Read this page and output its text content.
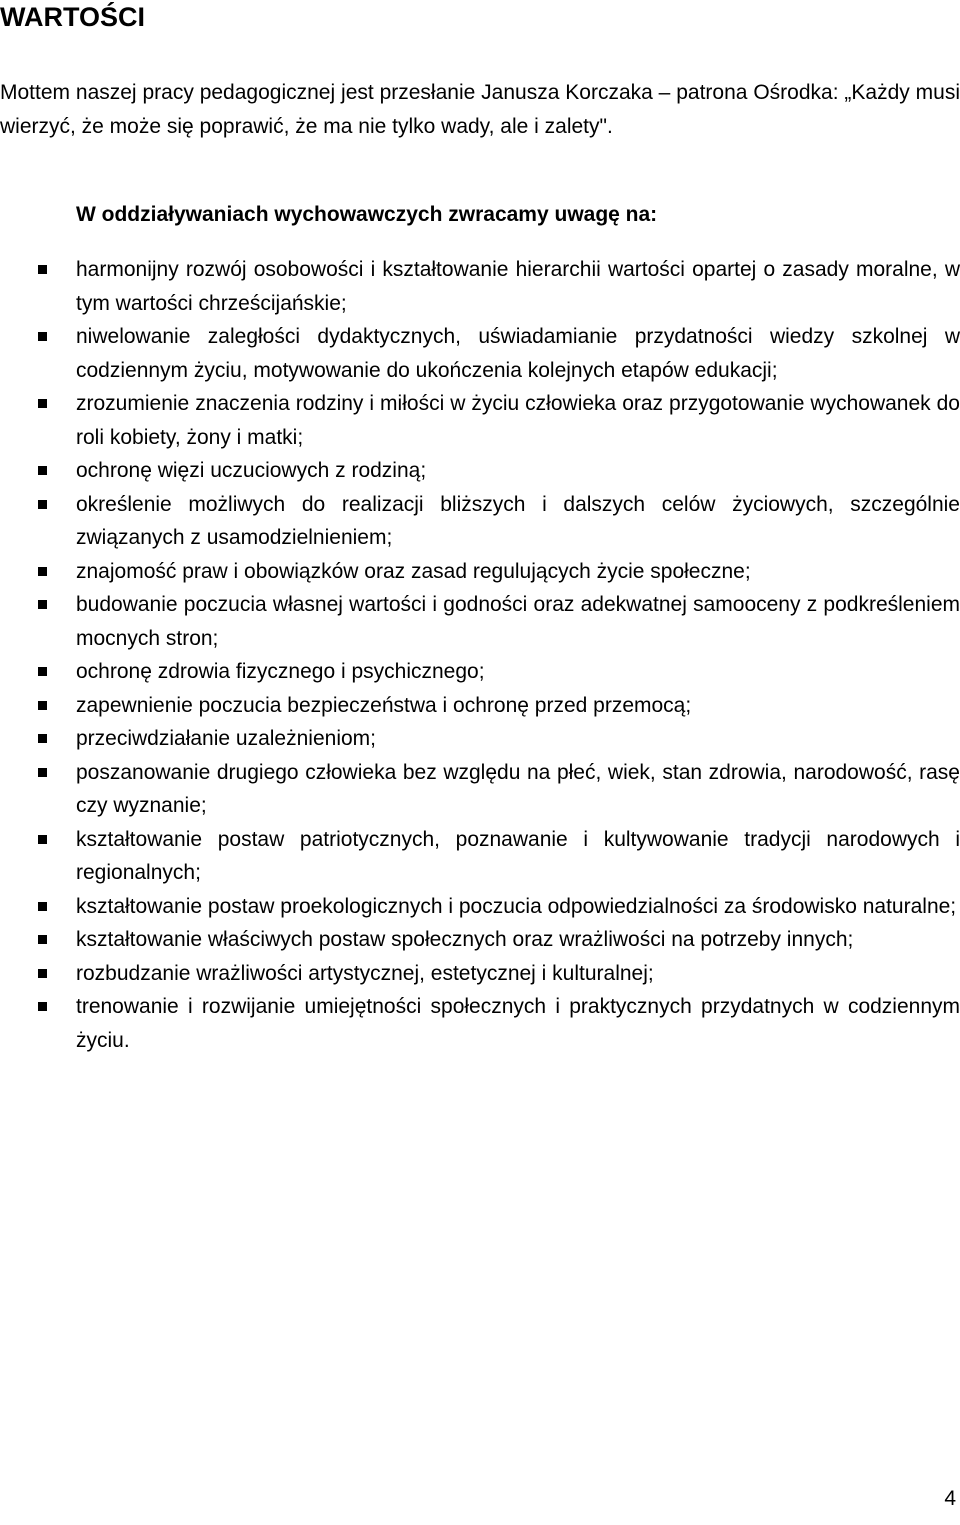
WARTOŚCI

Mottem naszej pracy pedagogicznej jest przesłanie Janusza Korczaka – patrona Ośrodka: „Każdy musi wierzyć, że może się poprawić, że ma nie tylko wady, ale i zalety".

W oddziaływaniach wychowawczych zwracamy uwagę na:

harmonijny rozwój osobowości i kształtowanie hierarchii wartości opartej o zasady moralne, w tym wartości chrześcijańskie;
niwelowanie zaległości dydaktycznych, uświadamianie przydatności wiedzy szkolnej w codziennym życiu, motywowanie do ukończenia kolejnych etapów edukacji;
zrozumienie znaczenia rodziny i miłości w życiu człowieka oraz przygotowanie wychowanek do roli kobiety, żony i matki;
ochronę więzi uczuciowych z rodziną;
określenie możliwych do realizacji bliższych i dalszych celów życiowych, szczególnie związanych z usamodzielnieniem;
znajomość praw i obowiązków oraz zasad regulujących życie społeczne;
budowanie poczucia własnej wartości i godności oraz adekwatnej samooceny z podkreśleniem mocnych stron;
ochronę zdrowia fizycznego i psychicznego;
zapewnienie poczucia bezpieczeństwa i ochronę przed przemocą;
przeciwdziałanie uzależnieniom;
poszanowanie drugiego człowieka bez względu na płeć, wiek, stan zdrowia, narodowość, rasę czy wyznanie;
kształtowanie postaw patriotycznych, poznawanie i kultywowanie tradycji narodowych i regionalnych;
kształtowanie postaw proekologicznych i poczucia odpowiedzialności za środowisko naturalne;
kształtowanie właściwych postaw społecznych oraz wrażliwości na potrzeby innych;
rozbudzanie wrażliwości artystycznej, estetycznej i kulturalnej;
trenowanie i rozwijanie umiejętności społecznych i praktycznych przydatnych w codziennym życiu.
4
